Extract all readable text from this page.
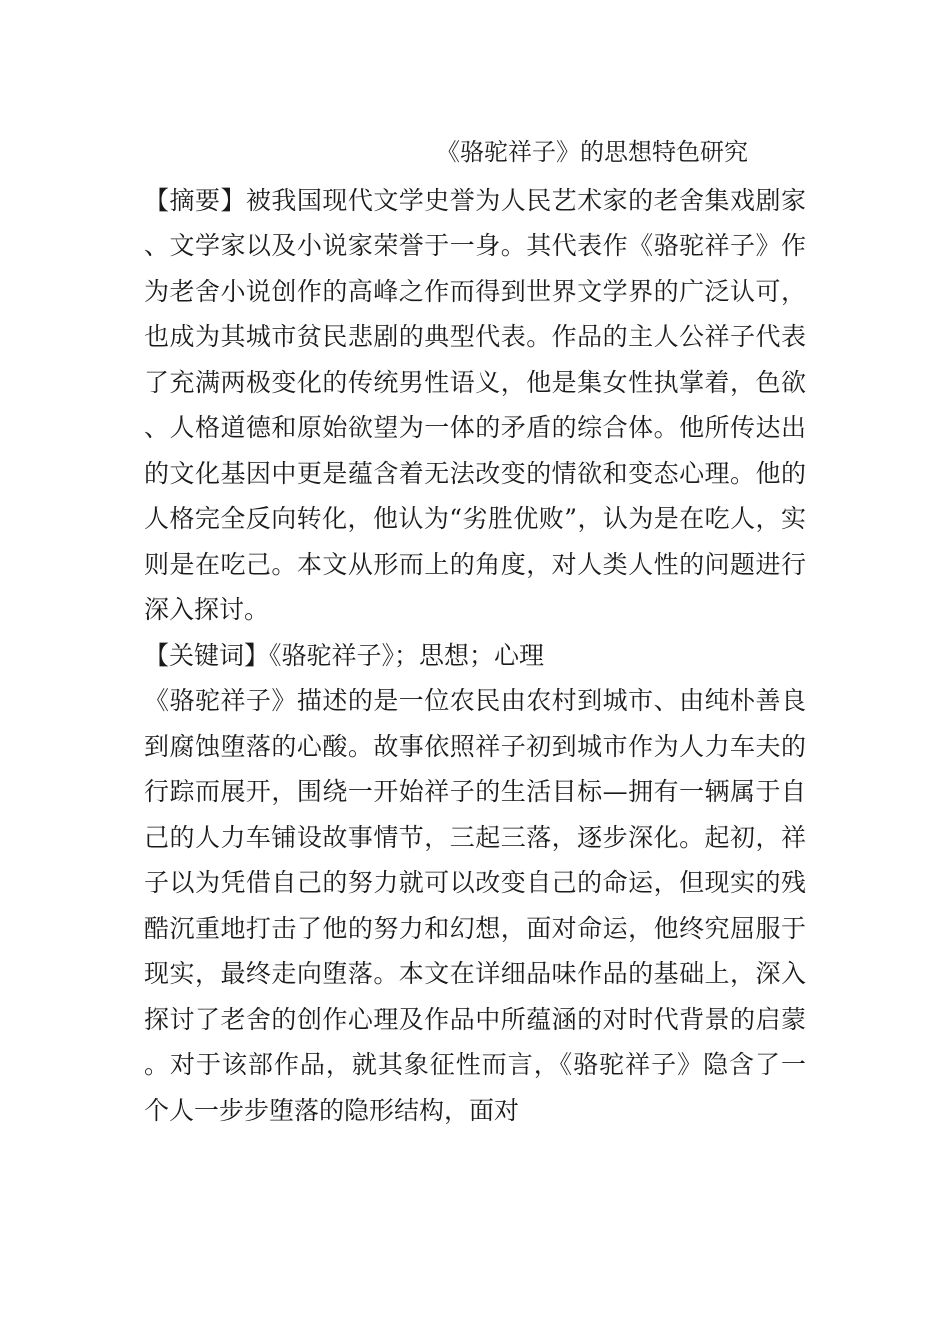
《骆驼祥子》的思想特色研究

【摘要】被我国现代文学史誉为人民艺术家的老舍集戏剧家、文学家以及小说家荣誉于一身。其代表作《骆驼祥子》作为老舍小说创作的高峰之作而得到世界文学界的广泛认可，也成为其城市贫民悲剧的典型代表。作品的主人公祥子代表了充满两极变化的传统男性语义，他是集女性执掌着，色欲、人格道德和原始欲望为一体的矛盾的综合体。他所传达出的文化基因中更是蕴含着无法改变的情欲和变态心理。他的人格完全反向转化，他认为“劣胜优败”，认为是在吃人，实则是在吃己。本文从形而上的角度，对人类人性的问题进行深入探讨。

【关键词】《骆驼祥子》；思想；心理

《骆驼祥子》描述的是一位农民由农村到城市、由纯朴善良到腐蚀堕落的心酸。故事依照祥子初到城市作为人力车夫的行踪而展开，围绕一开始祥子的生活目标—拥有一辆属于自己的人力车铺设故事情节，三起三落，逐步深化。起初，祥子以为凭借自己的努力就可以改变自己的命运，但现实的残酷沉重地打击了他的努力和幻想，面对命运，他终究屈服于现实，最终走向堕落。本文在详细品味作品的基础上，深入探讨了老舍的创作心理及作品中所蕴涵的对时代背景的启蒙。对于该部作品，就其象征性而言，《骆驼祥子》隐含了一个人一步步堕落的隐形结构，面对
